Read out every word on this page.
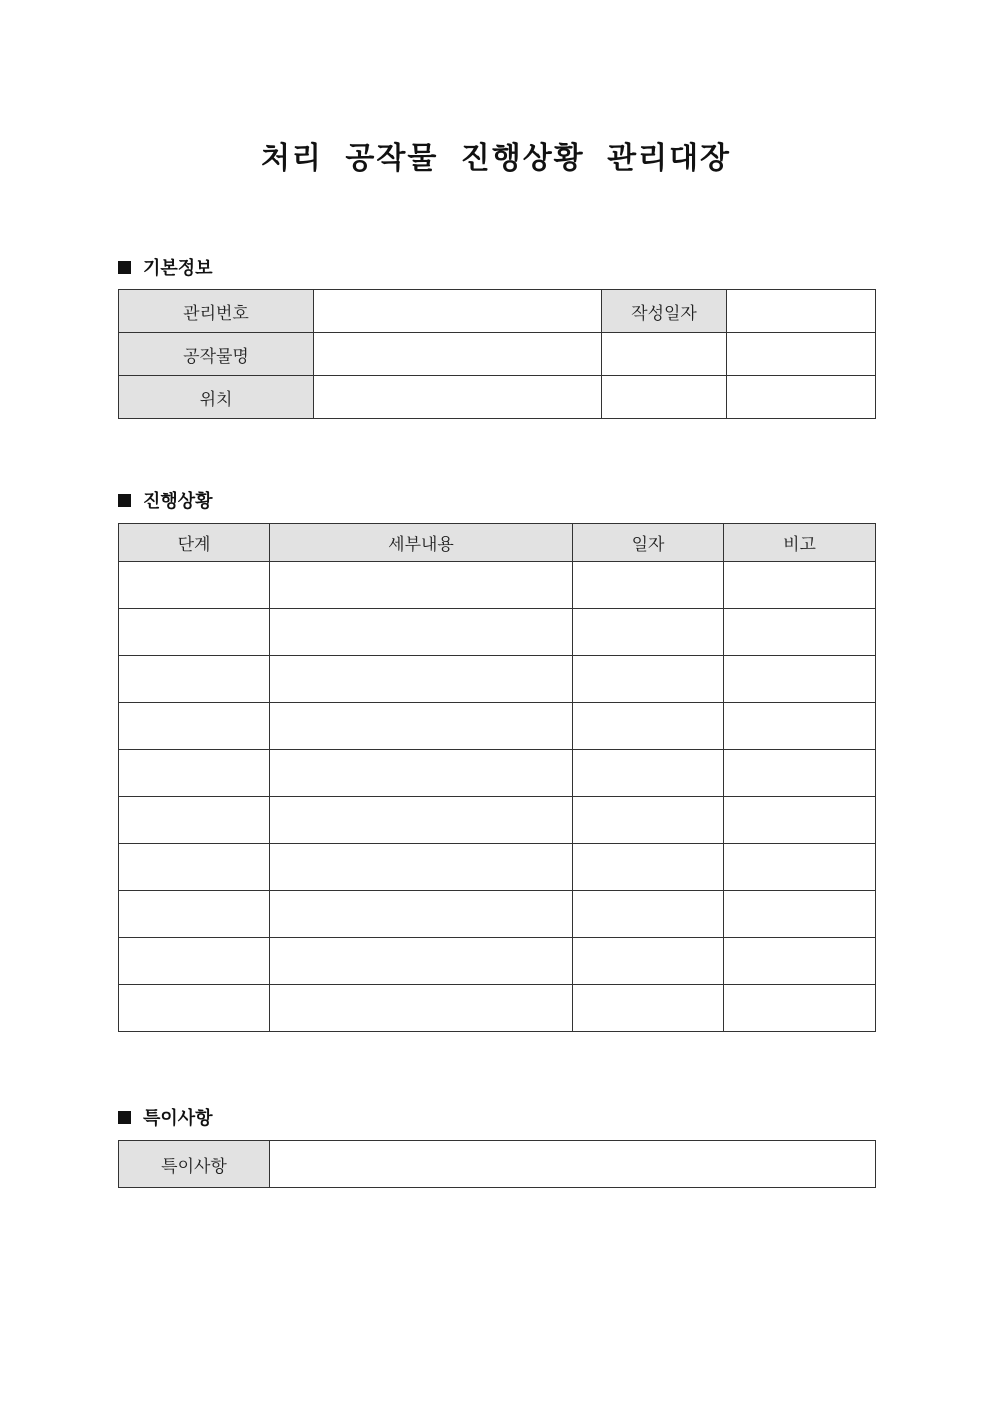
처리 공작물 진행상황 관리대장
기본정보
관리번호		작성일자	
공작물명			
위치			
진행상황
단계	세부내용	일자	비고

특이사항
특이사항	
